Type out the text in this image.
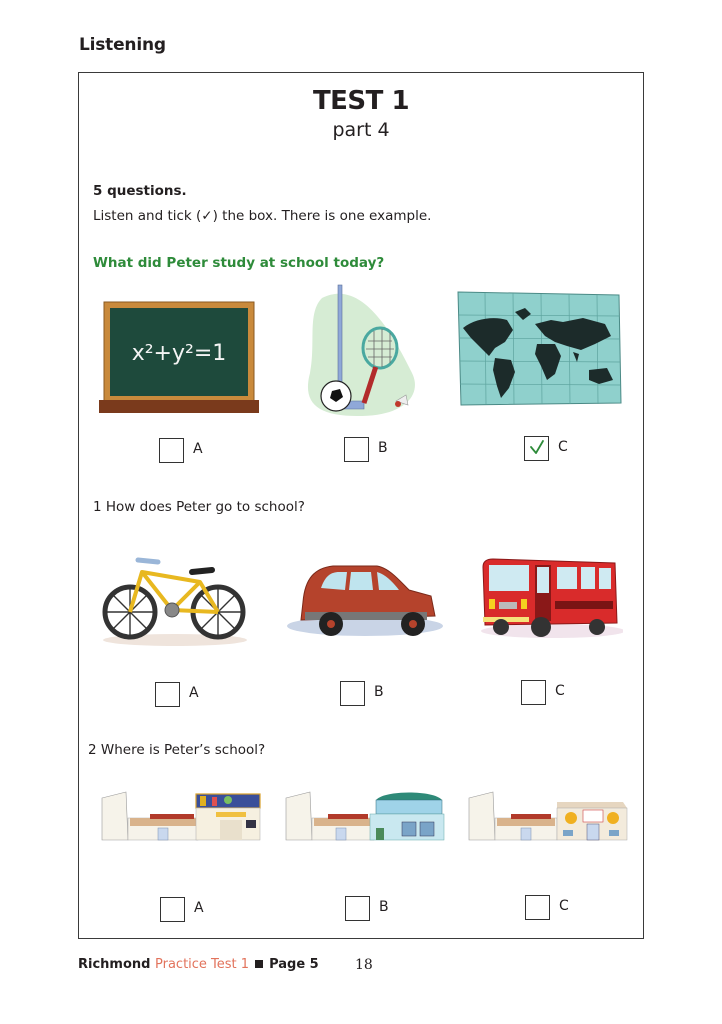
Listening
TEST 1
part 4
5 questions.
Listen and tick (✓) the box. There is one example.
What did Peter study at school today?
x²+y²=1
A	B	C
1 How does Peter go to school?
A	B	C
2 Where is Peter’s school?
A	B	C
Richmond Practice Test 1 Page 5	18
